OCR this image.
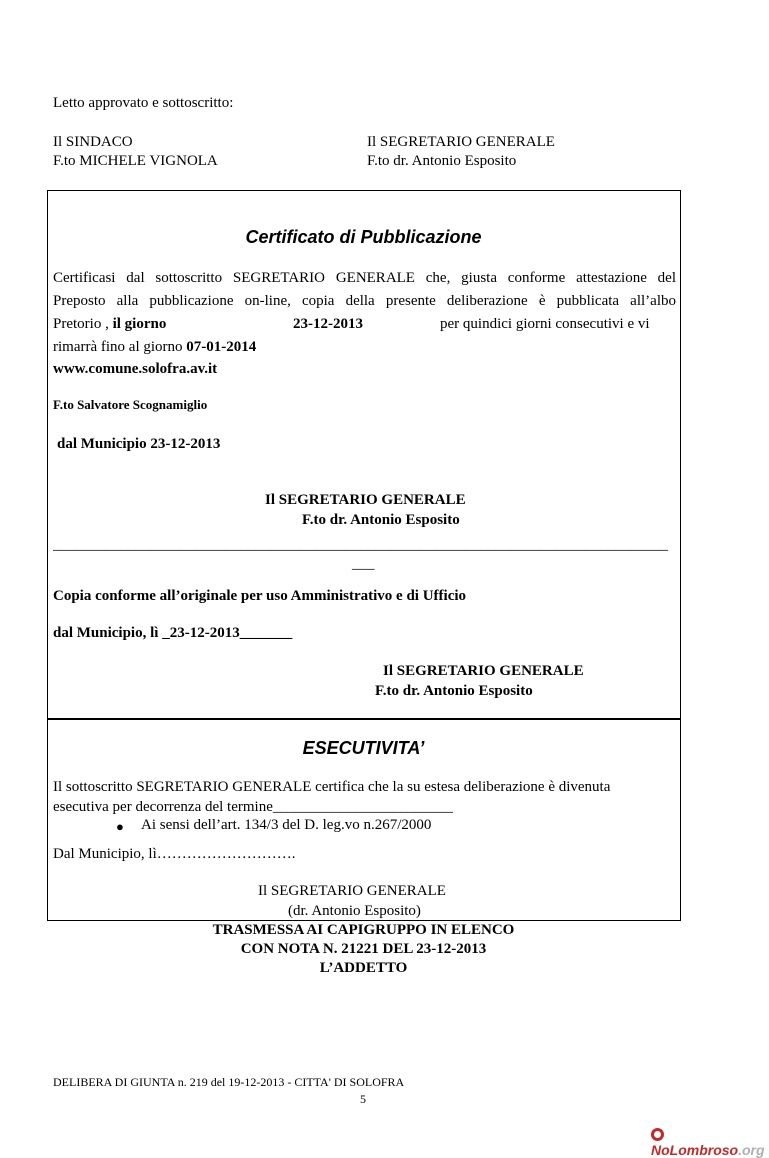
Letto approvato e sottoscritto:
Il SINDACO
F.to MICHELE VIGNOLA
Il SEGRETARIO GENERALE
F.to dr. Antonio Esposito
Certificato di Pubblicazione
Certificasi dal sottoscritto SEGRETARIO GENERALE che, giusta conforme attestazione del
Preposto alla pubblicazione on-line, copia della presente deliberazione è pubblicata all’albo
Pretorio , il giorno	23-12-2013	per quindici giorni consecutivi e vi
rimarrà fino al giorno 07-01-2014
www.comune.solofra.av.it
F.to Salvatore Scognamiglio
dal Municipio 23-12-2013
Il SEGRETARIO GENERALE
F.to dr. Antonio Esposito
__________________________________________________________________________________
___
Copia conforme all’originale per uso Amministrativo e di Ufficio
dal Municipio, lì _23-12-2013_______
Il SEGRETARIO GENERALE
F.to dr. Antonio Esposito
ESECUTIVITA’
Il sottoscritto SEGRETARIO GENERALE certifica che la su estesa deliberazione è divenuta
esecutiva per decorrenza del termine________________________
● Ai sensi dell’art. 134/3 del D. leg.vo n.267/2000
Dal Municipio, lì……………………….
Il SEGRETARIO GENERALE
(dr. Antonio Esposito)
TRASMESSA AI CAPIGRUPPO IN ELENCO
CON NOTA N. 21221 DEL 23-12-2013
L’ADDETTO
DELIBERA DI GIUNTA n. 219 del 19-12-2013 - CITTA' DI SOLOFRA
5
NoLombroso.org
